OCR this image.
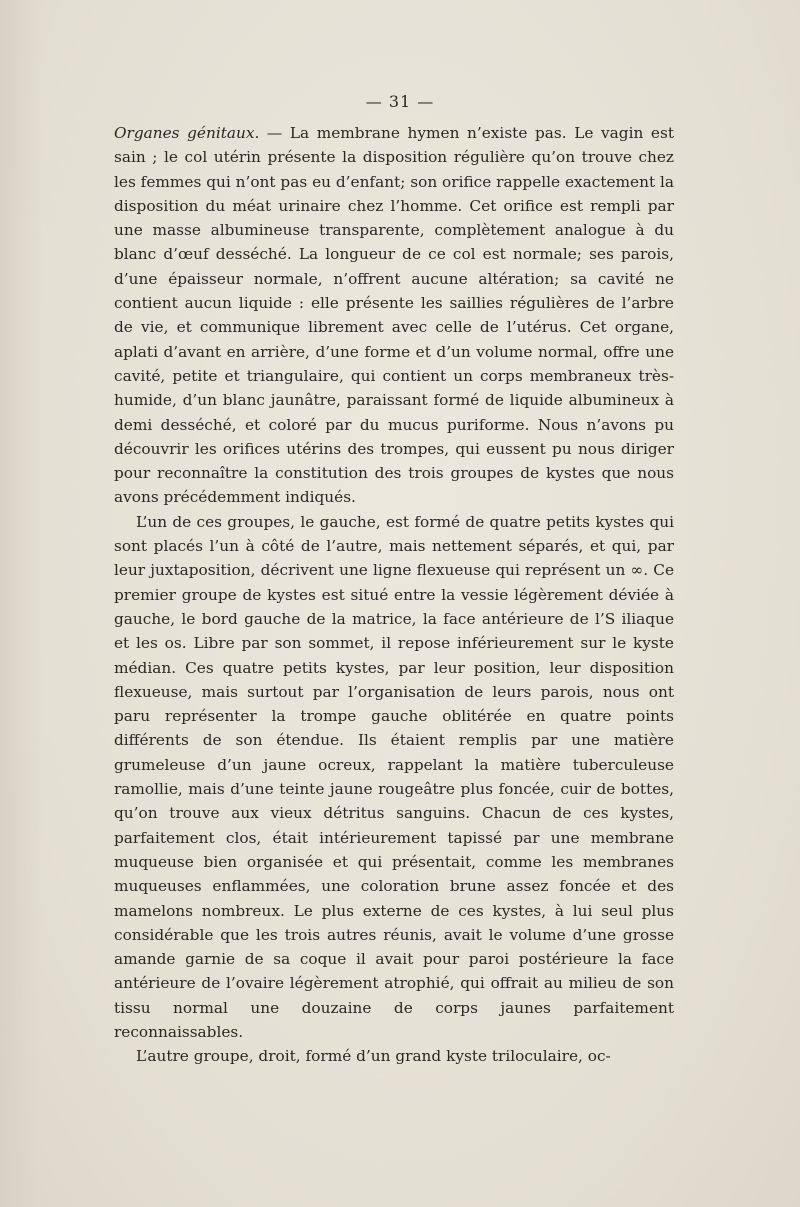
— 31 —

Organes génitaux. — La membrane hymen n’existe pas. Le vagin est sain ; le col utérin présente la disposition régulière qu’on trouve chez les femmes qui n’ont pas eu d’enfant; son orifice rappelle exactement la disposition du méat urinaire chez l’homme. Cet orifice est rempli par une masse albumineuse transparente, complètement analogue à du blanc d’œuf desséché. La longueur de ce col est normale; ses parois, d’une épaisseur normale, n’offrent aucune altération; sa cavité ne contient aucun liquide : elle présente les saillies régulières de l’arbre de vie, et communique librement avec celle de l’utérus. Cet organe, aplati d’avant en arrière, d’une forme et d’un volume normal, offre une cavité, petite et triangulaire, qui contient un corps membraneux très-humide, d’un blanc jaunâtre, paraissant formé de liquide albumineux à demi desséché, et coloré par du mucus puriforme. Nous n’avons pu découvrir les orifices utérins des trompes, qui eussent pu nous diriger pour reconnaître la constitution des trois groupes de kystes que nous avons précédemment indiqués.

L’un de ces groupes, le gauche, est formé de quatre petits kystes qui sont placés l’un à côté de l’autre, mais nettement séparés, et qui, par leur juxtaposition, décrivent une ligne flexueuse qui représent un ∞. Ce premier groupe de kystes est situé entre la vessie légèrement déviée à gauche, le bord gauche de la matrice, la face antérieure de l’S iliaque et les os. Libre par son sommet, il repose inférieurement sur le kyste médian. Ces quatre petits kystes, par leur position, leur disposition flexueuse, mais surtout par l’organisation de leurs parois, nous ont paru représenter la trompe gauche oblitérée en quatre points différents de son étendue. Ils étaient remplis par une matière grumeleuse d’un jaune ocreux, rappelant la matière tuberculeuse ramollie, mais d’une teinte jaune rougeâtre plus foncée, cuir de bottes, qu’on trouve aux vieux détritus sanguins. Chacun de ces kystes, parfaitement clos, était intérieurement tapissé par une membrane muqueuse bien organisée et qui présentait, comme les membranes muqueuses enflammées, une coloration brune assez foncée et des mamelons nombreux. Le plus externe de ces kystes, à lui seul plus considérable que les trois autres réunis, avait le volume d’une grosse amande garnie de sa coque il avait pour paroi postérieure la face antérieure de l’ovaire légèrement atrophié, qui offrait au milieu de son tissu normal une douzaine de corps jaunes parfaitement reconnaissables.

L’autre groupe, droit, formé d’un grand kyste triloculaire, oc-
